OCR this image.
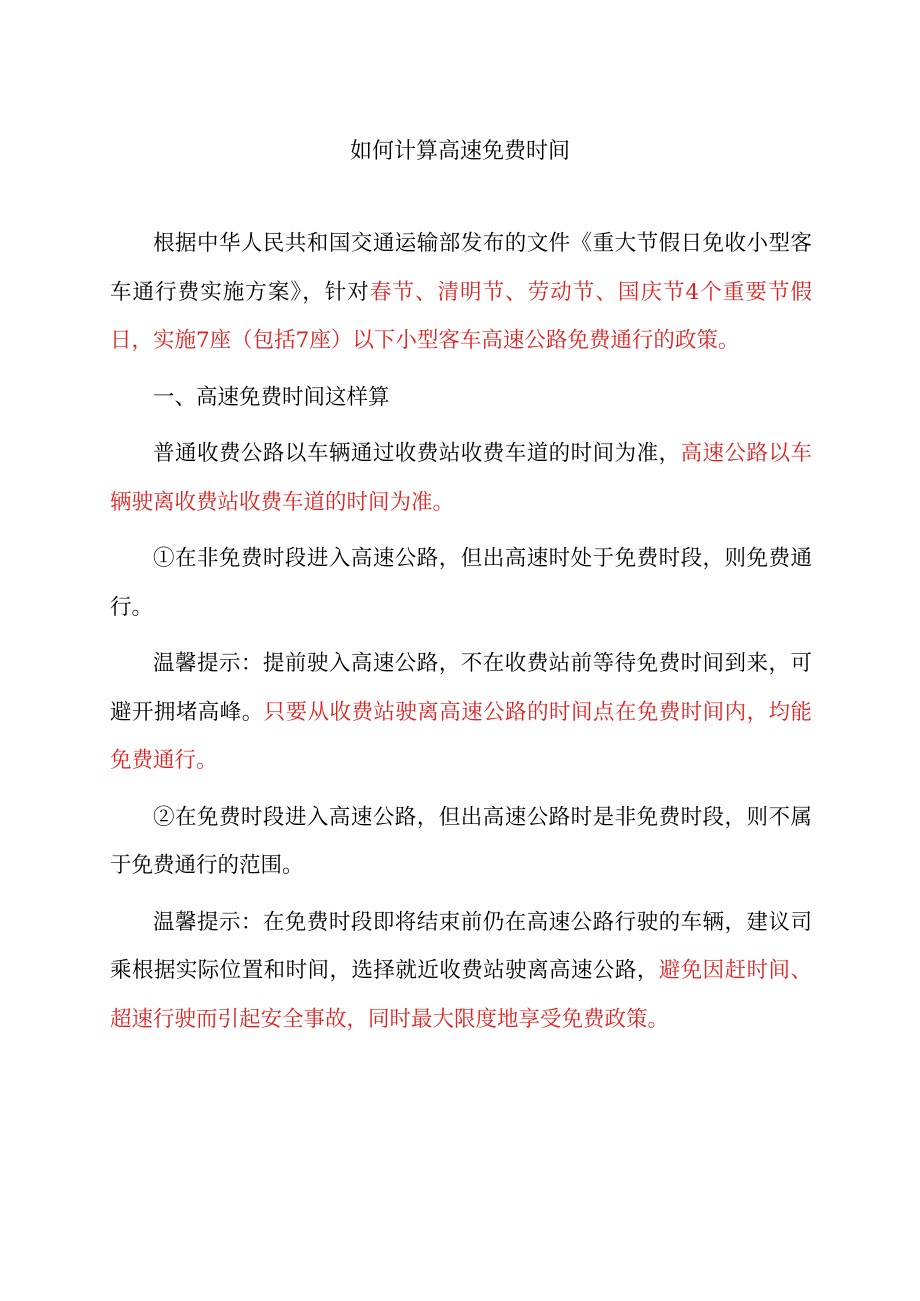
如何计算高速免费时间

根据中华人民共和国交通运输部发布的文件《重大节假日免收小型客车通行费实施方案》，针对春节、清明节、劳动节、国庆节4个重要节假日，实施7座（包括7座）以下小型客车高速公路免费通行的政策。

一、高速免费时间这样算

普通收费公路以车辆通过收费站收费车道的时间为准，高速公路以车辆驶离收费站收费车道的时间为准。

①在非免费时段进入高速公路，但出高速时处于免费时段，则免费通行。

温馨提示：提前驶入高速公路，不在收费站前等待免费时间到来，可避开拥堵高峰。只要从收费站驶离高速公路的时间点在免费时间内，均能免费通行。

②在免费时段进入高速公路，但出高速公路时是非免费时段，则不属于免费通行的范围。

温馨提示：在免费时段即将结束前仍在高速公路行驶的车辆，建议司乘根据实际位置和时间，选择就近收费站驶离高速公路，避免因赶时间、超速行驶而引起安全事故，同时最大限度地享受免费政策。
